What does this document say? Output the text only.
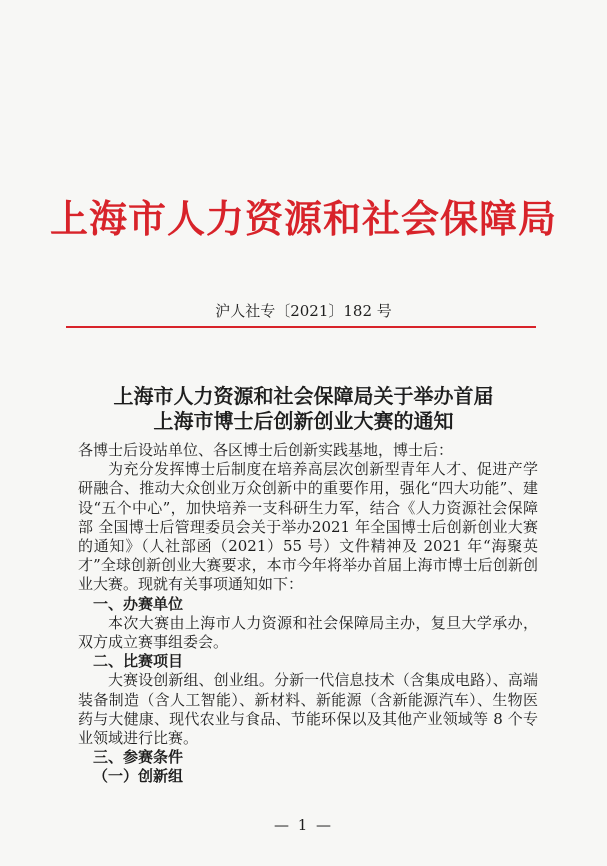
上海市人力资源和社会保障局
沪人社专〔2021〕182 号
上海市人力资源和社会保障局关于举办首届
上海市博士后创新创业大赛的通知

各博士后设站单位、各区博士后创新实践基地，博士后：

为充分发挥博士后制度在培养高层次创新型青年人才、促进产学研融合、推动大众创业万众创新中的重要作用，强化“四大功能”、建设“五个中心”，加快培养一支科研生力军，结合《人力资源社会保障部 全国博士后管理委员会关于举办2021 年全国博士后创新创业大赛的通知》（人社部函（2021）55 号）文件精神及 2021 年“海聚英才”全球创新创业大赛要求，本市今年将举办首届上海市博士后创新创业大赛。现就有关事项通知如下：

一、办赛单位

本次大赛由上海市人力资源和社会保障局主办，复旦大学承办，双方成立赛事组委会。

二、比赛项目

大赛设创新组、创业组。分新一代信息技术（含集成电路）、高端装备制造（含人工智能）、新材料、新能源（含新能源汽车）、生物医药与大健康、现代农业与食品、节能环保以及其他产业领域等 8 个专业领域进行比赛。

三、参赛条件

（一）创新组

— 1 —
